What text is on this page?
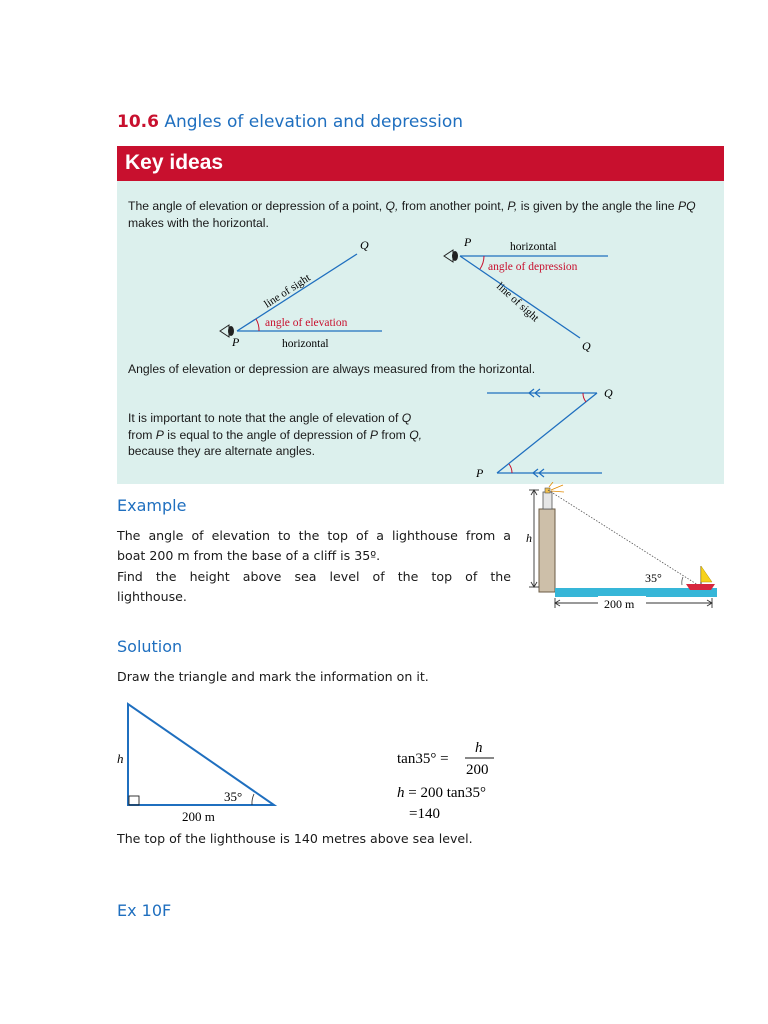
10.6 Angles of elevation and depression
Key ideas

The angle of elevation or depression of a point, Q, from another point, P, is given by the angle the line PQ makes with the horizontal.

Angles of elevation or depression are always measured from the horizontal.

It is important to note that the angle of elevation of Q
from P is equal to the angle of depression of P from Q,
because they are alternate angles.

Q
P
line of sight
angle of elevation
horizontal
P
Q
horizontal
angle of depression
line of sight
Q
P
Example

The angle of elevation to the top of a lighthouse from a

boat 200 m from the base of a cliff is 35º.

Find the height above sea level of the top of the

lighthouse.

h
35°
200 m
Solution

Draw the triangle and mark the information on it.

h
35°
200 m
tan35° =
h
200
h = 200 tan35°
=140

The top of the lighthouse is 140 metres above sea level.

Ex 10F
